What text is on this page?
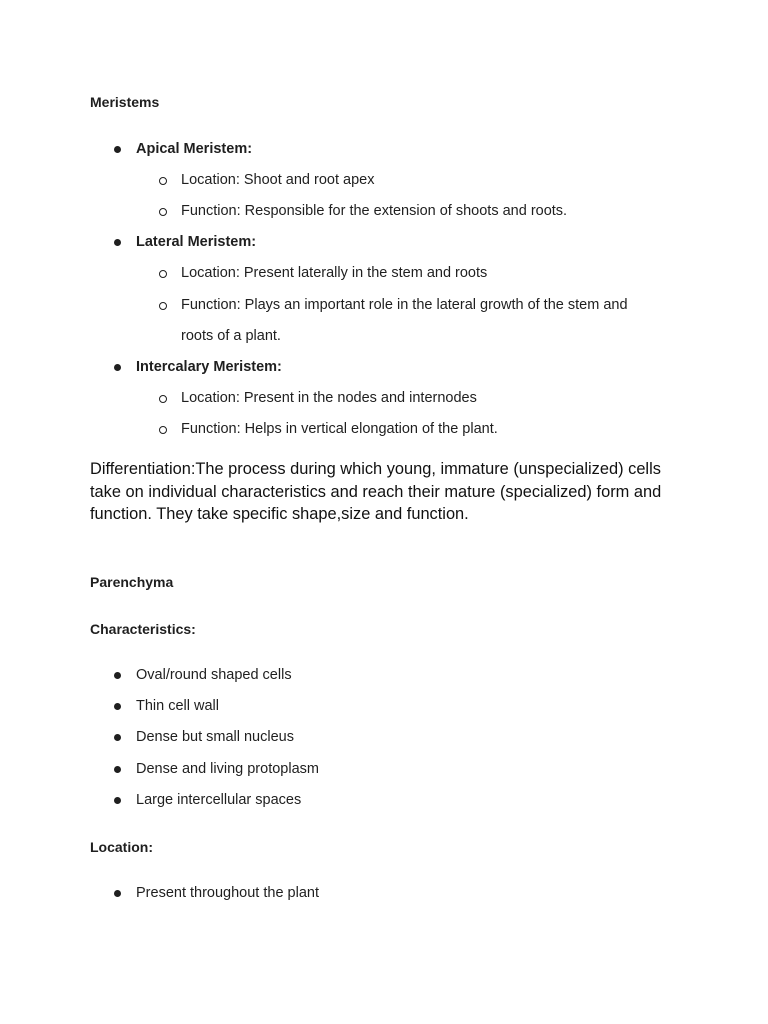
Meristems
Apical Meristem:
Location: Shoot and root apex
Function: Responsible for the extension of shoots and roots.
Lateral Meristem:
Location: Present laterally in the stem and roots
Function: Plays an important role in the lateral growth of the stem and
roots of a plant.
Intercalary Meristem:
Location: Present in the nodes and internodes
Function: Helps in vertical elongation of the plant.

Differentiation:The process during which young, immature (unspecialized) cells take on individual characteristics and reach their mature (specialized) form and function. They take specific shape,size and function.

Parenchyma
Characteristics:
Oval/round shaped cells
Thin cell wall
Dense but small nucleus
Dense and living protoplasm
Large intercellular spaces
Location:
Present throughout the plant
